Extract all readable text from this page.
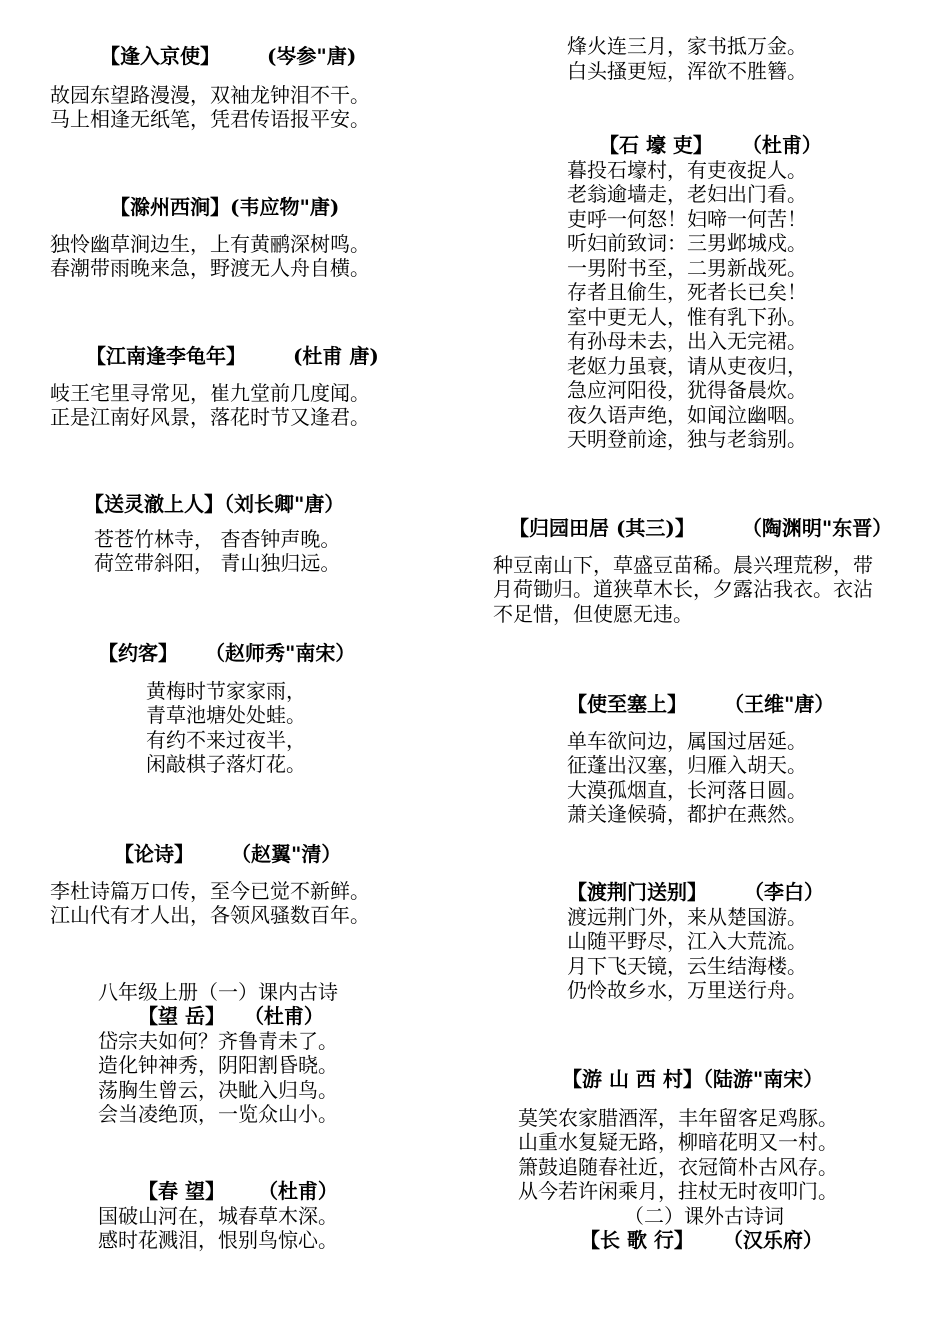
【逢入京使】 (岑参"唐)
故园东望路漫漫，双袖龙钟泪不干。
马上相逢无纸笔，凭君传语报平安。
【滁州西涧】(韦应物"唐)
独怜幽草涧边生，上有黄鹂深树鸣。
春潮带雨晚来急，野渡无人舟自横。
【江南逢李龟年】 (杜甫 唐)
岐王宅里寻常见，崔九堂前几度闻。
正是江南好风景，落花时节又逢君。
【送灵澈上人】（刘长卿"唐）
苍苍竹林寺， 杳杳钟声晚。
荷笠带斜阳， 青山独归远。
【约客】 （赵师秀"南宋）
黄梅时节家家雨，
青草池塘处处蛙。
有约不来过夜半，
闲敲棋子落灯花。
【论诗】 （赵翼"清）
李杜诗篇万口传，至今已觉不新鲜。
江山代有才人出，各领风骚数百年。
八年级上册（一）课内古诗
【望 岳】 （杜甫）
岱宗夫如何？齐鲁青未了。
造化钟神秀，阴阳割昏晓。
荡胸生曾云，决眦入归鸟。
会当凌绝顶，一览众山小。
【春 望】 （杜甫）
国破山河在，城春草木深。
感时花溅泪，恨别鸟惊心。
烽火连三月，家书抵万金。
白头搔更短，浑欲不胜簪。
【石 壕 吏】 （杜甫）
暮投石壕村，有吏夜捉人。
老翁逾墙走，老妇出门看。
吏呼一何怒！妇啼一何苦！
听妇前致词：三男邺城戍。
一男附书至，二男新战死。
存者且偷生，死者长已矣！
室中更无人，惟有乳下孙。
有孙母未去，出入无完裙。
老妪力虽衰，请从吏夜归，
急应河阳役，犹得备晨炊。
夜久语声绝，如闻泣幽咽。
天明登前途，独与老翁别。
【归园田居 (其三)】 （陶渊明"东晋）
种豆南山下，草盛豆苗稀。晨兴理荒秽，带
月荷锄归。道狭草木长，夕露沾我衣。衣沾
不足惜，但使愿无违。
【使至塞上】 （王维"唐）
单车欲问边，属国过居延。
征蓬出汉塞，归雁入胡天。
大漠孤烟直，长河落日圆。
萧关逢候骑，都护在燕然。
【渡荆门送别】 （李白）
渡远荆门外，来从楚国游。
山随平野尽，江入大荒流。
月下飞天镜，云生结海楼。
仍怜故乡水，万里送行舟。
【游 山 西 村】（陆游"南宋）
莫笑农家腊酒浑，丰年留客足鸡豚。
山重水复疑无路，柳暗花明又一村。
箫鼓追随春社近，衣冠简朴古风存。
从今若许闲乘月，拄杖无时夜叩门。
（二）课外古诗词
【长 歌 行】 （汉乐府）
